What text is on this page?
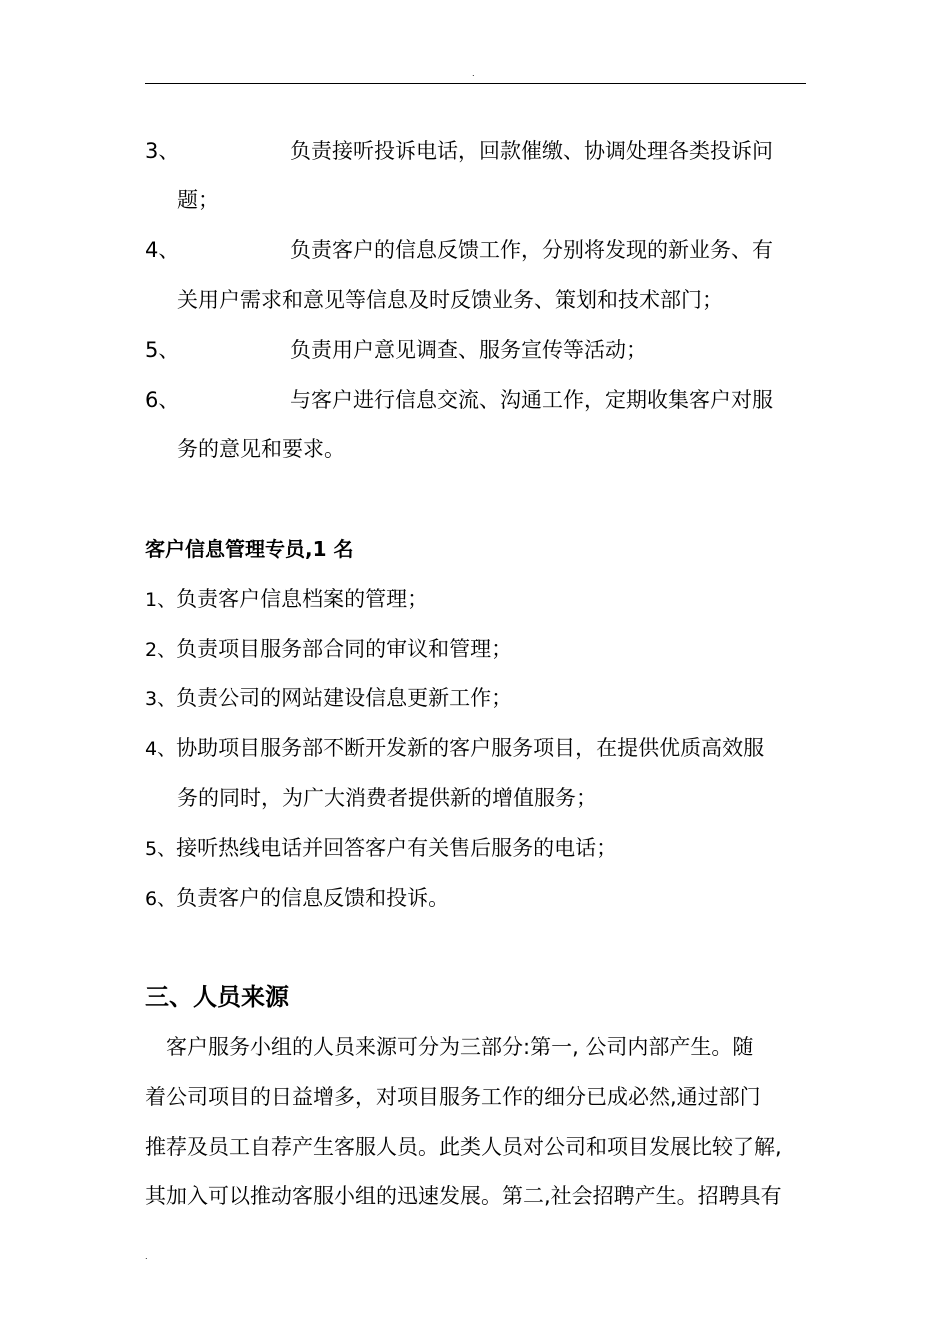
.
3、	负责接听投诉电话，回款催缴、协调处理各类投诉问
题；
4、	负责客户的信息反馈工作，分别将发现的新业务、有
关用户需求和意见等信息及时反馈业务、策划和技术部门；
5、	负责用户意见调查、服务宣传等活动；
6、	与客户进行信息交流、沟通工作，定期收集客户对服
务的意见和要求。
客户信息管理专员,1 名
1、负责客户信息档案的管理；
2、负责项目服务部合同的审议和管理；
3、负责公司的网站建设信息更新工作；
4、协助项目服务部不断开发新的客户服务项目，在提供优质高效服
务的同时，为广大消费者提供新的增值服务；
5、接听热线电话并回答客户有关售后服务的电话；
6、负责客户的信息反馈和投诉。
三、人员来源
　客户服务小组的人员来源可分为三部分:第一, 公司内部产生。随
着公司项目的日益增多，对项目服务工作的细分已成必然,通过部门
推荐及员工自荐产生客服人员。此类人员对公司和项目发展比较了解,
其加入可以推动客服小组的迅速发展。第二,社会招聘产生。招聘具有
.
